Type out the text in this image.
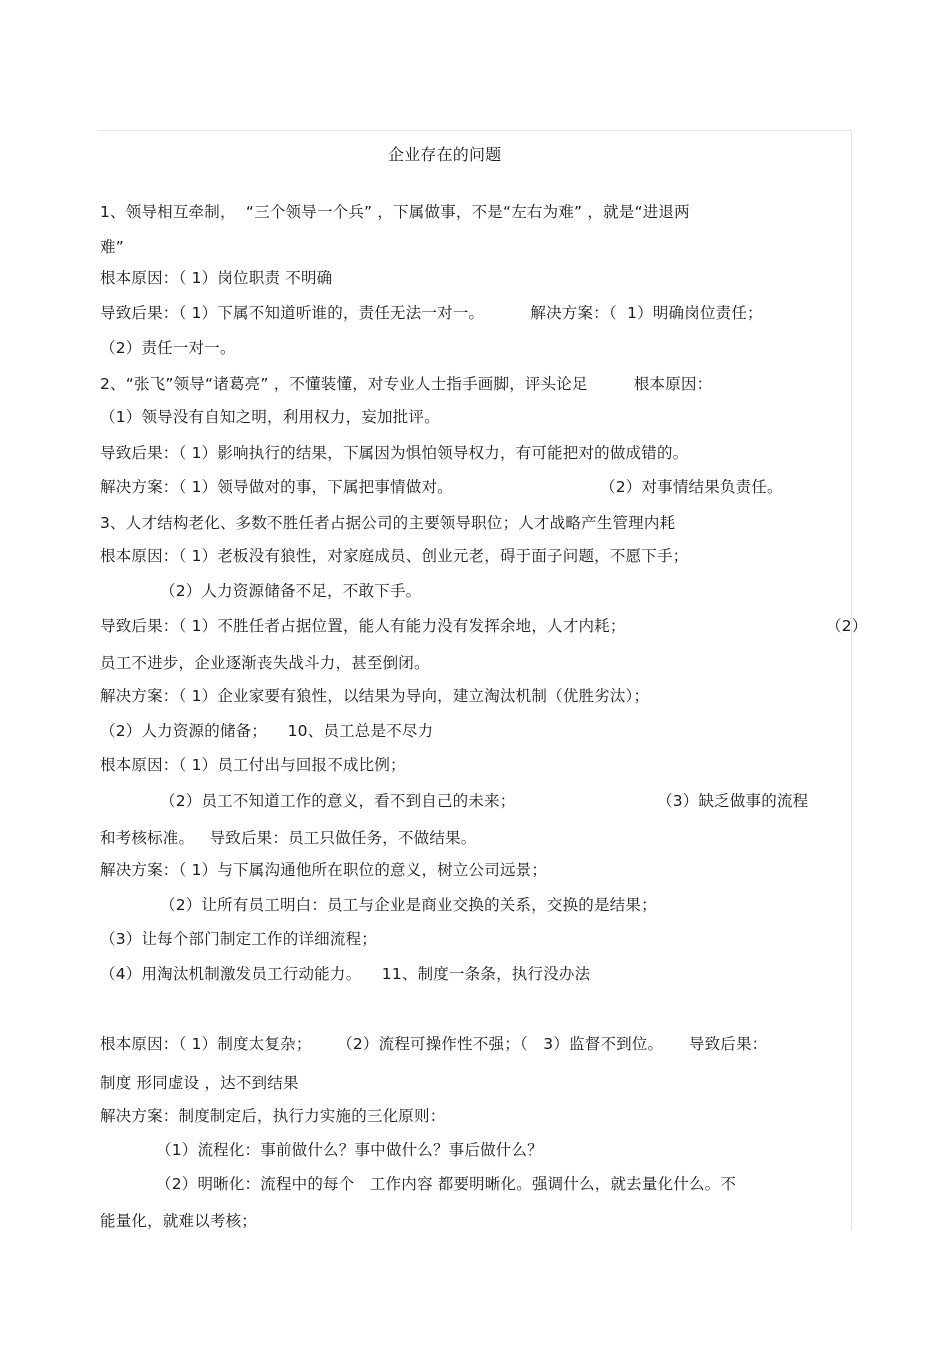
企业存在的问题
1、领导相互牵制，  “三个领导一个兵” ，下属做事，不是“左右为难” ，就是“进退两
难”
根本原因：（ 1）岗位职责 不明确
导致后果：（ 1）下属不知道听谁的，责任无法一对一。         解决方案：（  1）明确岗位责任；
（2）责任一对一。
2、“张飞”领导“诸葛亮” ，不懂装懂，对专业人士指手画脚，评头论足         根本原因：
（1）领导没有自知之明，利用权力，妄加批评。
导致后果：（ 1）影响执行的结果，下属因为惧怕领导权力，有可能把对的做成错的。
解决方案：（ 1）领导做对的事，下属把事情做对。	（2）对事情结果负责任。
3、人才结构老化、多数不胜任者占据公司的主要领导职位；人才战略产生管理内耗
根本原因：（ 1）老板没有狼性，对家庭成员、创业元老，碍于面子问题，不愿下手；
（2）人力资源储备不足，不敢下手。
导致后果：（ 1）不胜任者占据位置，能人有能力没有发挥余地，人才内耗；	（2）
员工不进步，企业逐渐丧失战斗力，甚至倒闭。
解决方案：（ 1）企业家要有狼性，以结果为导向，建立淘汰机制（优胜劣汰）；
（2）人力资源的储备；    10、员工总是不尽力
根本原因：（ 1）员工付出与回报不成比例；
（2）员工不知道工作的意义，看不到自己的未来；	（3）缺乏做事的流程
和考核标准。   导致后果：员工只做任务，不做结果。
解决方案：（ 1）与下属沟通他所在职位的意义，树立公司远景；
（2）让所有员工明白：员工与企业是商业交换的关系，交换的是结果；
（3）让每个部门制定工作的详细流程；
（4）用淘汰机制激发员工行动能力。    11、制度一条条，执行没办法
根本原因：（ 1）制度太复杂；     （2）流程可操作性不强；（   3）监督不到位。     导致后果：
制度 形同虚设 ，达不到结果
解决方案：制度制定后，执行力实施的三化原则：
（1）流程化：事前做什么？事中做什么？事后做什么？
（2）明晰化：流程中的每个   工作内容 都要明晰化。强调什么，就去量化什么。不
能量化，就难以考核；
